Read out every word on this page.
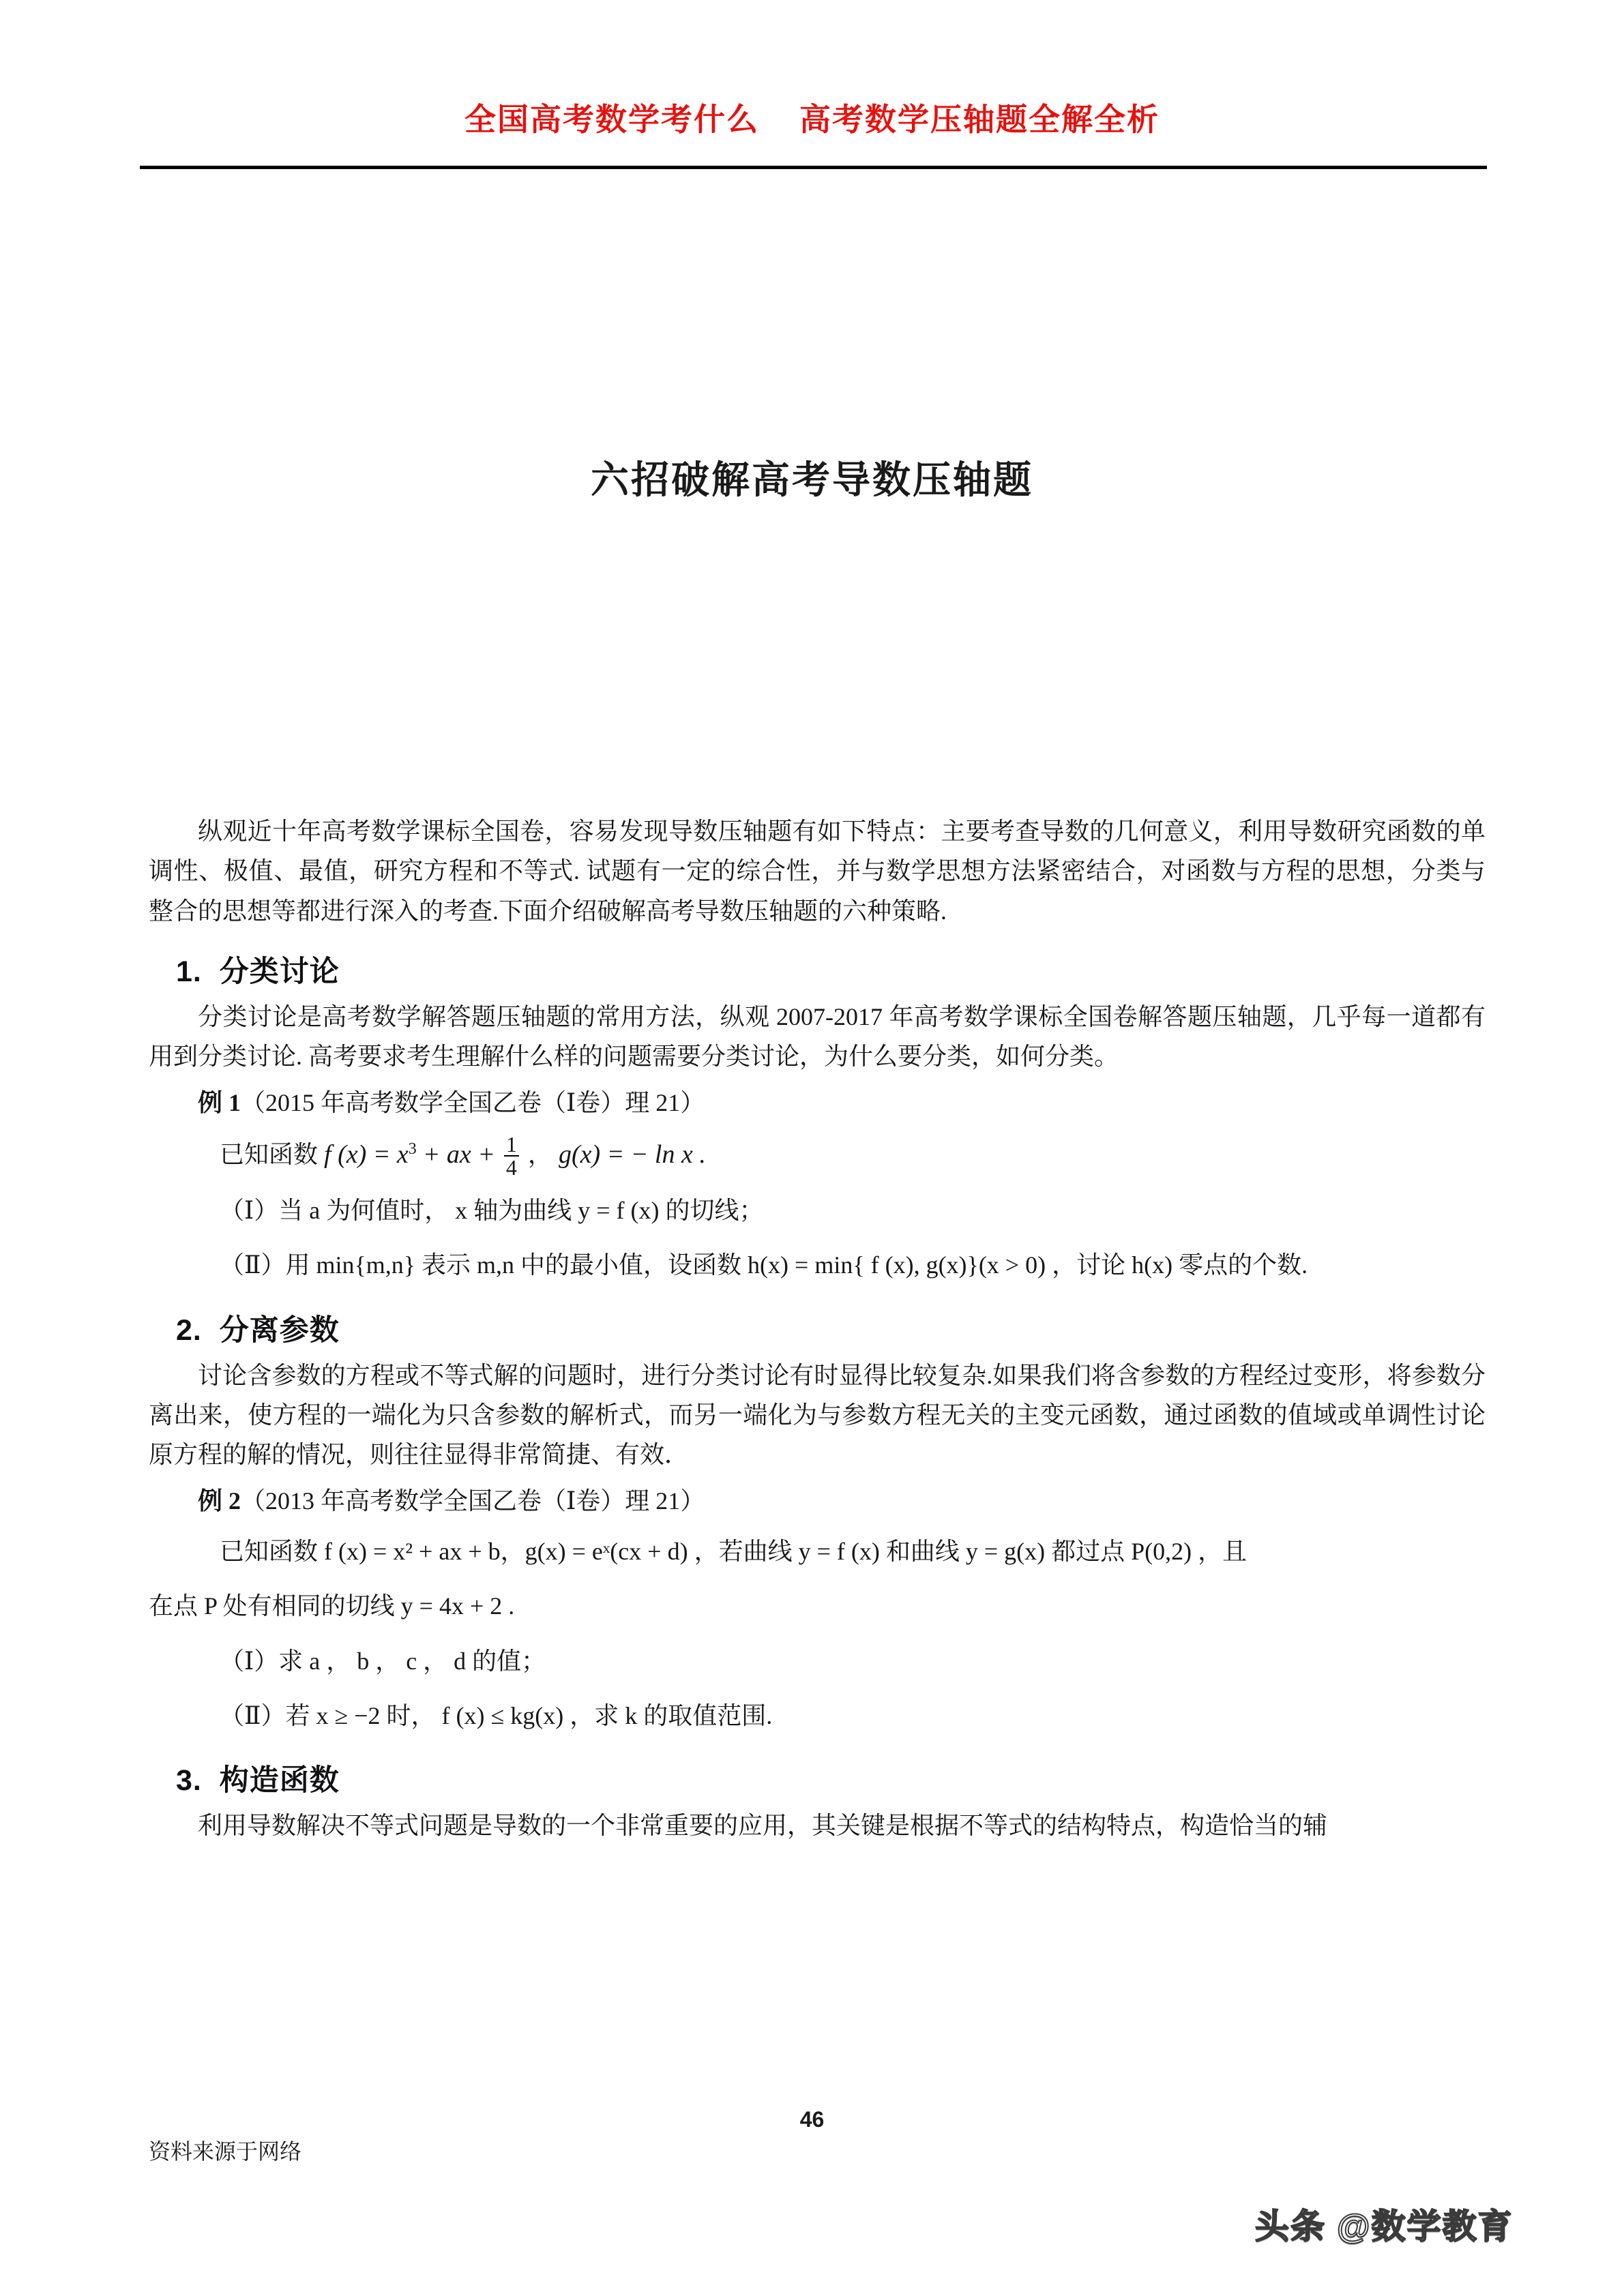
全国高考数学考什么    高考数学压轴题全解全析
六招破解高考导数压轴题

纵观近十年高考数学课标全国卷，容易发现导数压轴题有如下特点：主要考查导数的几何意义，利用导数研究函数的单调性、极值、最值，研究方程和不等式. 试题有一定的综合性，并与数学思想方法紧密结合，对函数与方程的思想，分类与整合的思想等都进行深入的考查.下面介绍破解高考导数压轴题的六种策略.

1. 分类讨论

分类讨论是高考数学解答题压轴题的常用方法，纵观 2007-2017 年高考数学课标全国卷解答题压轴题，几乎每一道都有用到分类讨论. 高考要求考生理解什么样的问题需要分类讨论，为什么要分类，如何分类。

例 1（2015 年高考数学全国乙卷（Ⅰ卷）理 21）
已知函数 f $(x) = x^3$ + ax + $\frac{1}{4}$ ， g(x) = − ln x .
（Ⅰ）当 a 为何值时， x 轴为曲线 y = f (x) 的切线；
（Ⅱ）用 min{m,n} 表示 m,n 中的最小值，设函数 h(x) = min{ f (x), g(x)}(x > 0) ，讨论 h(x) 零点的个数.
2. 分离参数

讨论含参数的方程或不等式解的问题时，进行分类讨论有时显得比较复杂.如果我们将含参数的方程经过变形，将参数分离出来，使方程的一端化为只含参数的解析式，而另一端化为与参数方程无关的主变元函数，通过函数的值域或单调性讨论原方程的解的情况，则往往显得非常简捷、有效．

例 2（2013 年高考数学全国乙卷（Ⅰ卷）理 21）
已知函数 f (x) = x² + ax + b，g(x) = eˣ(cx + d) ，若曲线 y = f (x) 和曲线 y = g(x) 都过点 P(0,2) ，且
在点 P 处有相同的切线 y = 4x + 2 .
（Ⅰ）求 a ， b ， c ， d 的值；
（Ⅱ）若 x ≥ −2 时， f (x) ≤ kg(x) ，求 k 的取值范围.
3. 构造函数

利用导数解决不等式问题是导数的一个非常重要的应用，其关键是根据不等式的结构特点，构造恰当的辅

46
资料来源于网络
头条 @数学教育
